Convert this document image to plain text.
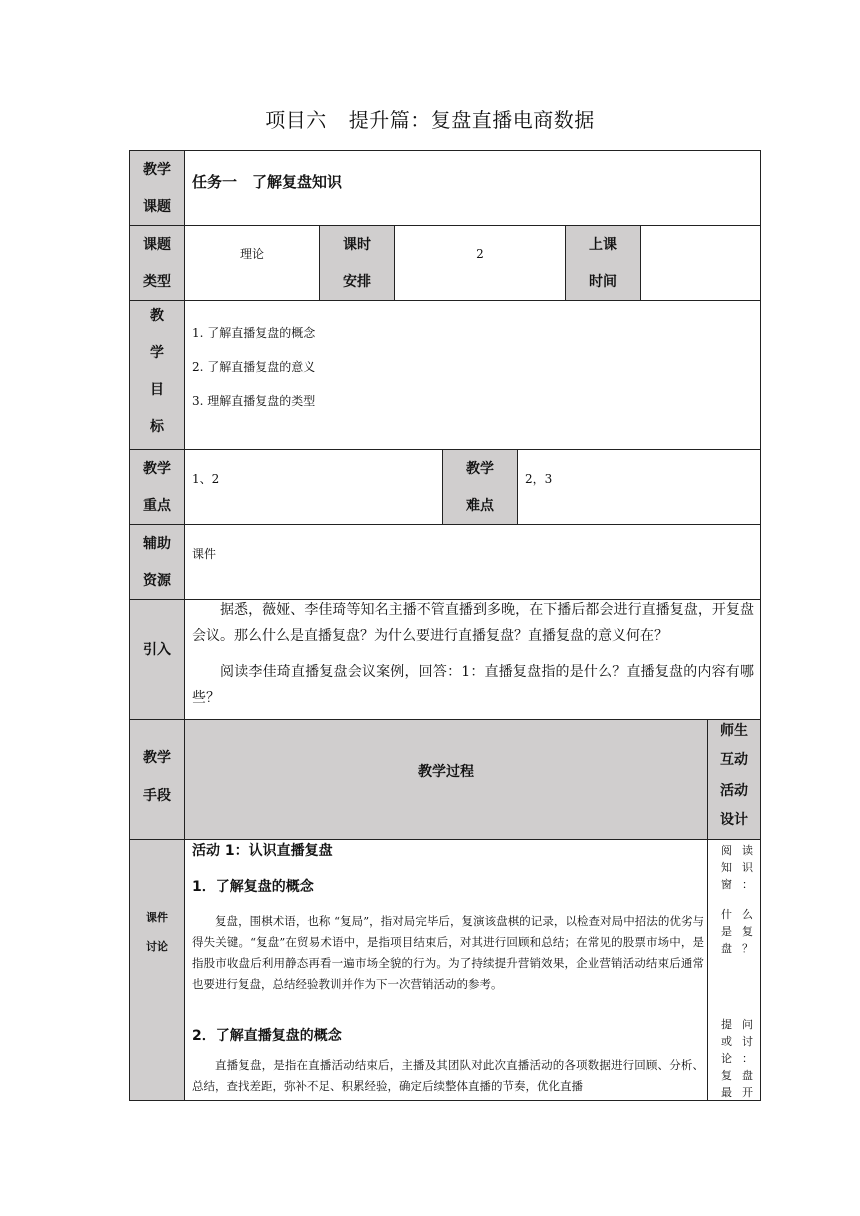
项目六 提升篇：复盘直播电商数据
教学
课题
任务一　了解复盘知识
课题
类型
理论
课时
安排
2
上课
时间
教
学
目
标
1. 了解直播复盘的概念
2. 了解直播复盘的意义
3. 理解直播复盘的类型
教学
重点
1、2
教学
难点
2，3
辅助
资源
课件
引入
据悉，薇娅、李佳琦等知名主播不管直播到多晚，在下播后都会进行直播复盘，开复盘会议。那么什么是直播复盘？为什么要进行直播复盘？直播复盘的意义何在？
阅读李佳琦直播复盘会议案例，回答：1：直播复盘指的是什么？直播复盘的内容有哪些？
教学
手段
教学过程
师生
互动
活动
设计
课件
讨论
活动 1：认识直播复盘
1．了解复盘的概念
复盘，围棋术语，也称 “复局”，指对局完毕后，复演该盘棋的记录，以检查对局中招法的优劣与得失关键。“复盘”在贸易术语中，是指项目结束后，对其进行回顾和总结；在常见的股票市场中，是指股市收盘后利用静态再看一遍市场全貌的行为。为了持续提升营销效果，企业营销活动结束后通常也要进行复盘，总结经验教训并作为下一次营销活动的参考。
2．了解直播复盘的概念
直播复盘，是指在直播活动结束后，主播及其团队对此次直播活动的各项数据进行回顾、分析、总结，查找差距，弥补不足、积累经验，确定后续整体直播的节奏，优化直播
阅读
知识
窗：
什么
是复
盘？
提问
或讨
论：
复盘
最开
